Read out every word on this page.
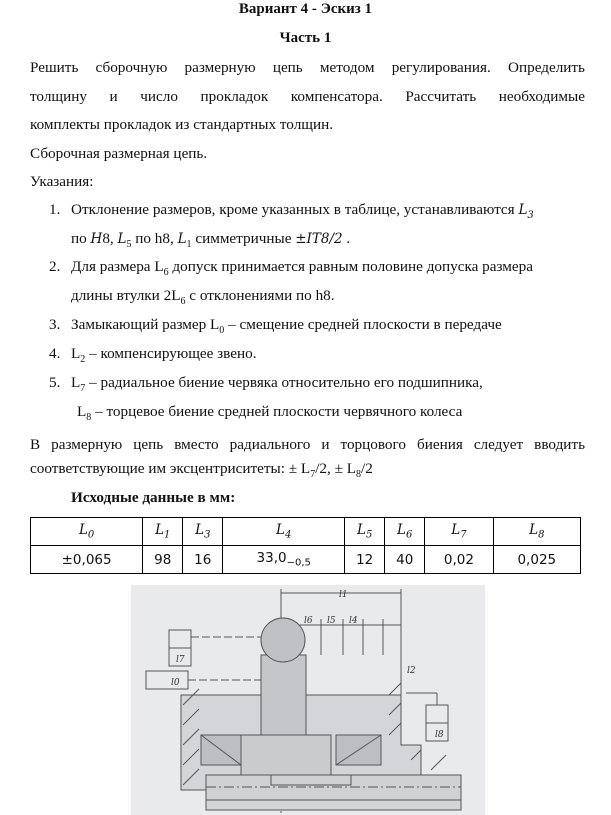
Вариант 4 - Эскиз 1
Часть 1
Решить сборочную размерную цепь методом регулирования. Определить
толщину и число прокладок компенсатора. Рассчитать необходимые
комплекты прокладок из стандартных толщин.
Сборочная размерная цепь.
Указания:
1. Отклонение размеров, кроме указанных в таблице, устанавливаются $L_3$
по H8, $L_5$ по h8, $L_1$ симметричные ±IT8/2 .
2. Для размера $L_6$ допуск принимается равным половине допуска размера
длины втулки $2L_6$ с отклонениями по h8.
3. Замыкающий размер $L_0$ – смещение средней плоскости в передаче
4. $L_2$ – компенсирующее звено.
5. $L_7$ – радиальное биение червяка относительно его подшипника,
$L_8$ – торцевое биение средней плоскости червячного колеса
В размерную цепь вместо радиального и торцового биения следует вводить
соответствующие им эксцентриситеты: ± $L_7/2$, ± $L_8/2$
Исходные данные в мм:
$L_0$	$L_1$	$L_3$	$L_4$	$L_5$	$L_6$	$L_7$	$L_8$
±0,065	98	16	$33,0_{-0,5}$	12	40	0,02	0,025
l1
l6 l5 l4
l2
l7
l0
l8
